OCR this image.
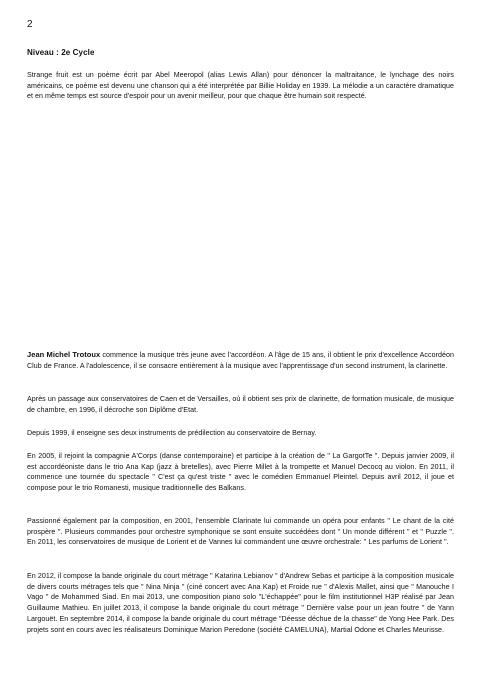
2
Niveau : 2e Cycle
Strange fruit est un poème écrit par Abel Meeropol (alias Lewis Allan) pour dénoncer la maltraitance, le lynchage des noirs américains, ce poème est devenu une chanson qui a été interprétée par Billie Holiday en 1939. La mélodie a un caractère dramatique et en même temps est source d'espoir pour un avenir meilleur, pour que chaque être humain soit respecté.
Jean Michel Trotoux commence la musique très jeune avec l'accordéon. A l'âge de 15 ans, il obtient le prix d'excellence Accordéon Club de France. A l'adolescence, il se consacre entièrement à la musique avec l'apprentissage d'un second instrument, la clarinette.
Après un passage aux conservatoires de Caen et de Versailles, où il obtient ses prix de clarinette, de formation musicale, de musique de chambre, en 1996, il décroche son Diplôme d'Etat.
Depuis 1999, il enseigne ses deux instruments de prédilection au conservatoire de Bernay.
En 2005, il rejoint la compagnie A'Corps (danse contemporaine) et participe à la création de " La GargotTe ". Depuis janvier 2009, il est accordéoniste dans le trio Ana Kap (jazz à bretelles), avec Pierre Millet à la trompette et Manuel Decocq au violon. En 2011, il commence une tournée du spectacle " C'est ça qu'est triste " avec le comédien Emmanuel Pleintel. Depuis avril 2012, il joue et compose pour le trio Romanesti, musique traditionnelle des Balkans.
Passionné également par la composition, en 2001, l'ensemble Clarinate lui commande un opéra pour enfants " Le chant de la cité prospère ". Plusieurs commandes pour orchestre symphonique se sont ensuite succédées dont " Un monde différent " et " Puzzle ". En 2011, les conservatoires de musique de Lorient et de Vannes lui commandent une œuvre orchestrale: " Les parfums de Lorient ".
En 2012, il compose la bande originale du court métrage " Katarina Lebianov " d'Andrew Sebas et participe à la composition musicale de divers courts métrages tels que " Nina Ninja " (ciné concert avec Ana Kap) et Froide rue " d'Alexis Mallet, ainsi que " Manouche I Vago " de Mohammed Siad. En mai 2013, une composition piano solo "L'échappée" pour le film institutionnel H3P réalisé par Jean Guillaume Mathieu. En juillet 2013, il compose la bande originale du court métrage " Dernière valse pour un jean foutre " de Yann Largouët. En septembre 2014, il compose la bande originale du court métrage "Déesse déchue de la chasse" de Yong Hee Park. Des projets sont en cours avec les réalisateurs Dominique Marion Peredone (société CAMELUNA), Martial Odone et Charles Meurisse.
